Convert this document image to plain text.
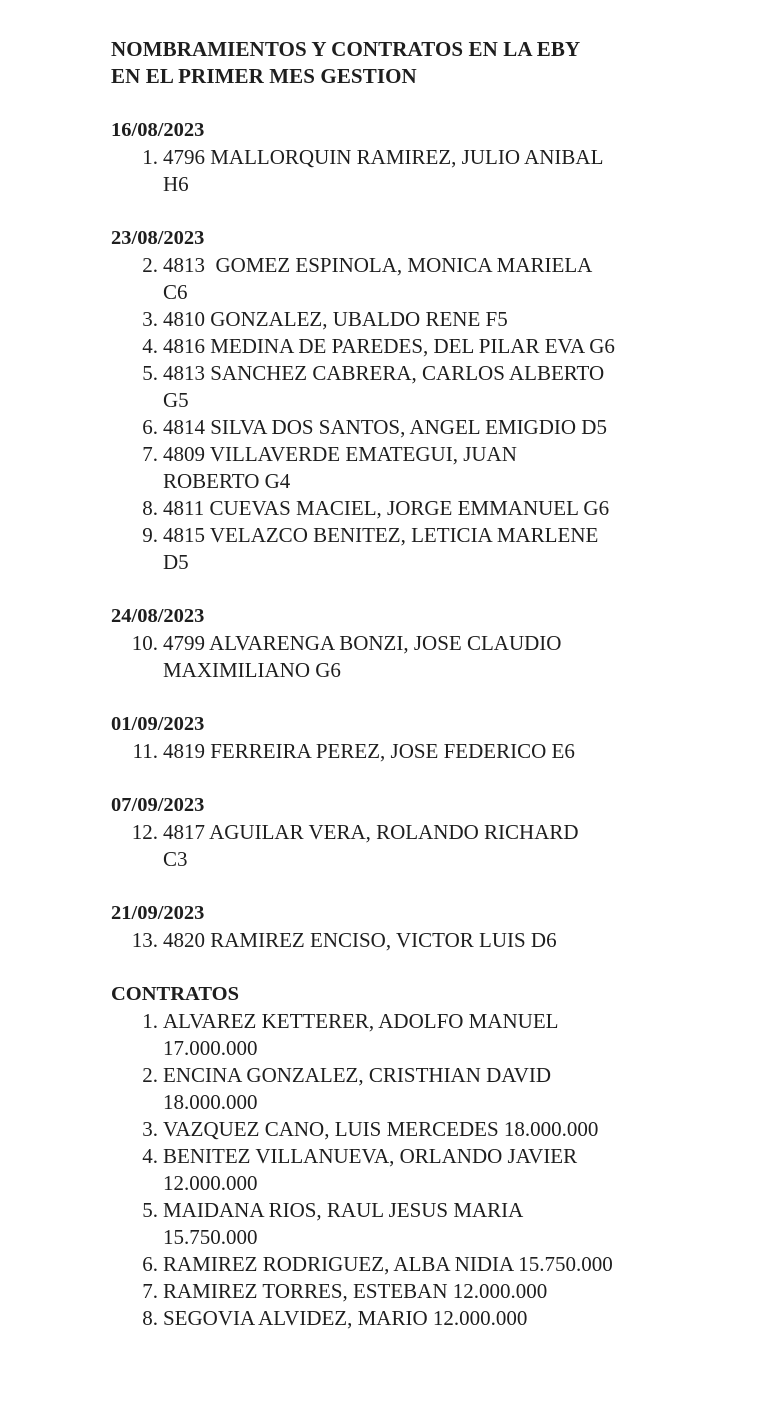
NOMBRAMIENTOS Y CONTRATOS EN LA EBY
EN EL PRIMER MES GESTION
16/08/2023
1. 4796 MALLORQUIN RAMIREZ, JULIO ANIBAL
H6
23/08/2023
2. 4813  GOMEZ ESPINOLA, MONICA MARIELA
C6
3. 4810 GONZALEZ, UBALDO RENE F5
4. 4816 MEDINA DE PAREDES, DEL PILAR EVA G6
5. 4813 SANCHEZ CABRERA, CARLOS ALBERTO
G5
6. 4814 SILVA DOS SANTOS, ANGEL EMIGDIO D5
7. 4809 VILLAVERDE EMATEGUI, JUAN
ROBERTO G4
8. 4811 CUEVAS MACIEL, JORGE EMMANUEL G6
9. 4815 VELAZCO BENITEZ, LETICIA MARLENE
D5
24/08/2023
10. 4799 ALVARENGA BONZI, JOSE CLAUDIO
MAXIMILIANO G6
01/09/2023
11. 4819 FERREIRA PEREZ, JOSE FEDERICO E6
07/09/2023
12. 4817 AGUILAR VERA, ROLANDO RICHARD
C3
21/09/2023
13. 4820 RAMIREZ ENCISO, VICTOR LUIS D6
CONTRATOS
1. ALVAREZ KETTERER, ADOLFO MANUEL
17.000.000
2. ENCINA GONZALEZ, CRISTHIAN DAVID
18.000.000
3. VAZQUEZ CANO, LUIS MERCEDES 18.000.000
4. BENITEZ VILLANUEVA, ORLANDO JAVIER
12.000.000
5. MAIDANA RIOS, RAUL JESUS MARIA
15.750.000
6. RAMIREZ RODRIGUEZ, ALBA NIDIA 15.750.000
7. RAMIREZ TORRES, ESTEBAN 12.000.000
8. SEGOVIA ALVIDEZ, MARIO 12.000.000
